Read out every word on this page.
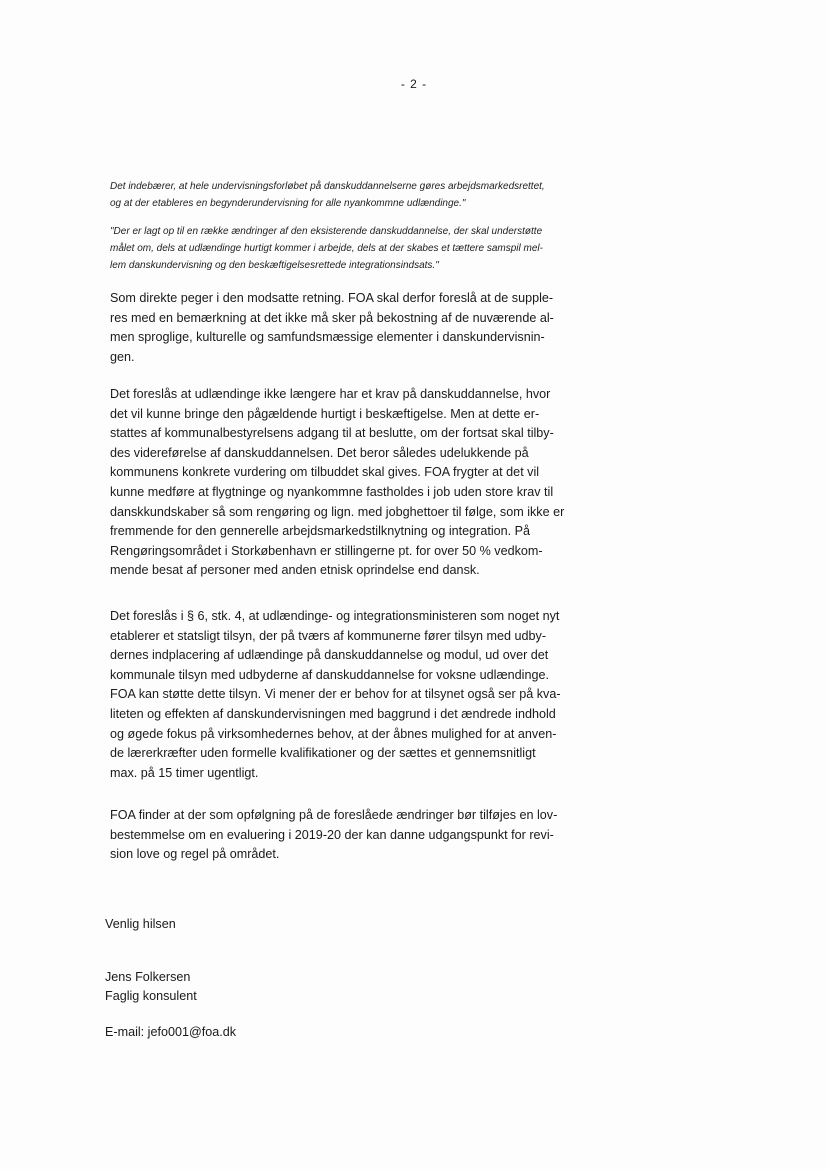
- 2 -
Det indebærer, at hele undervisningsforløbet på danskuddannelserne gøres arbejdsmarkedsrettet,
og at der etableres en begynderundervisning for alle nyankommne udlændinge."
"Der er lagt op til en række ændringer af den eksisterende danskuddannelse, der skal understøtte
målet om, dels at udlændinge hurtigt kommer i arbejde, dels at der skabes et tættere samspil mel-
lem danskundervisning og den beskæftigelsesrettede integrationsindsats."

Som direkte peger i den modsatte retning. FOA skal derfor foreslå at de supple-
res med en bemærkning at det ikke må sker på bekostning af de nuværende al-
men sproglige, kulturelle og samfundsmæssige elementer i danskundervisnin-
gen.

Det foreslås at udlændinge ikke længere har et krav på danskuddannelse, hvor
det vil kunne bringe den pågældende hurtigt i beskæftigelse. Men at dette er-
stattes af kommunalbestyrelsens adgang til at beslutte, om der fortsat skal tilby-
des videreførelse af danskuddannelsen. Det beror således udelukkende på
kommunens konkrete vurdering om tilbuddet skal gives. FOA frygter at det vil
kunne medføre at flygtninge og nyankommne fastholdes i job uden store krav til
danskkundskaber så som rengøring og lign. med jobghettoer til følge, som ikke er
fremmende for den gennerelle arbejdsmarkedstilknytning og integration. På
Rengøringsområdet i Storkøbenhavn er stillingerne pt. for over 50 % vedkom-
mende besat af personer med anden etnisk oprindelse end dansk.

Det foreslås i § 6, stk. 4, at udlændinge- og integrationsministeren som noget nyt
etablerer et statsligt tilsyn, der på tværs af kommunerne fører tilsyn med udby-
dernes indplacering af udlændinge på danskuddannelse og modul, ud over det
kommunale tilsyn med udbyderne af danskuddannelse for voksne udlændinge.
FOA kan støtte dette tilsyn. Vi mener der er behov for at tilsynet også ser på kva-
liteten og effekten af danskundervisningen med baggrund i det ændrede indhold
og øgede fokus på virksomhedernes behov, at der åbnes mulighed for at anven-
de lærerkræfter uden formelle kvalifikationer og der sættes et gennemsnitligt
max. på 15 timer ugentligt.

FOA finder at der som opfølgning på de foreslåede ændringer bør tilføjes en lov-
bestemmelse om en evaluering i 2019-20 der kan danne udgangspunkt for revi-
sion love og regel på området.

Venlig hilsen
Jens Folkersen
Faglig konsulent
E-mail: jefo001@foa.dk
